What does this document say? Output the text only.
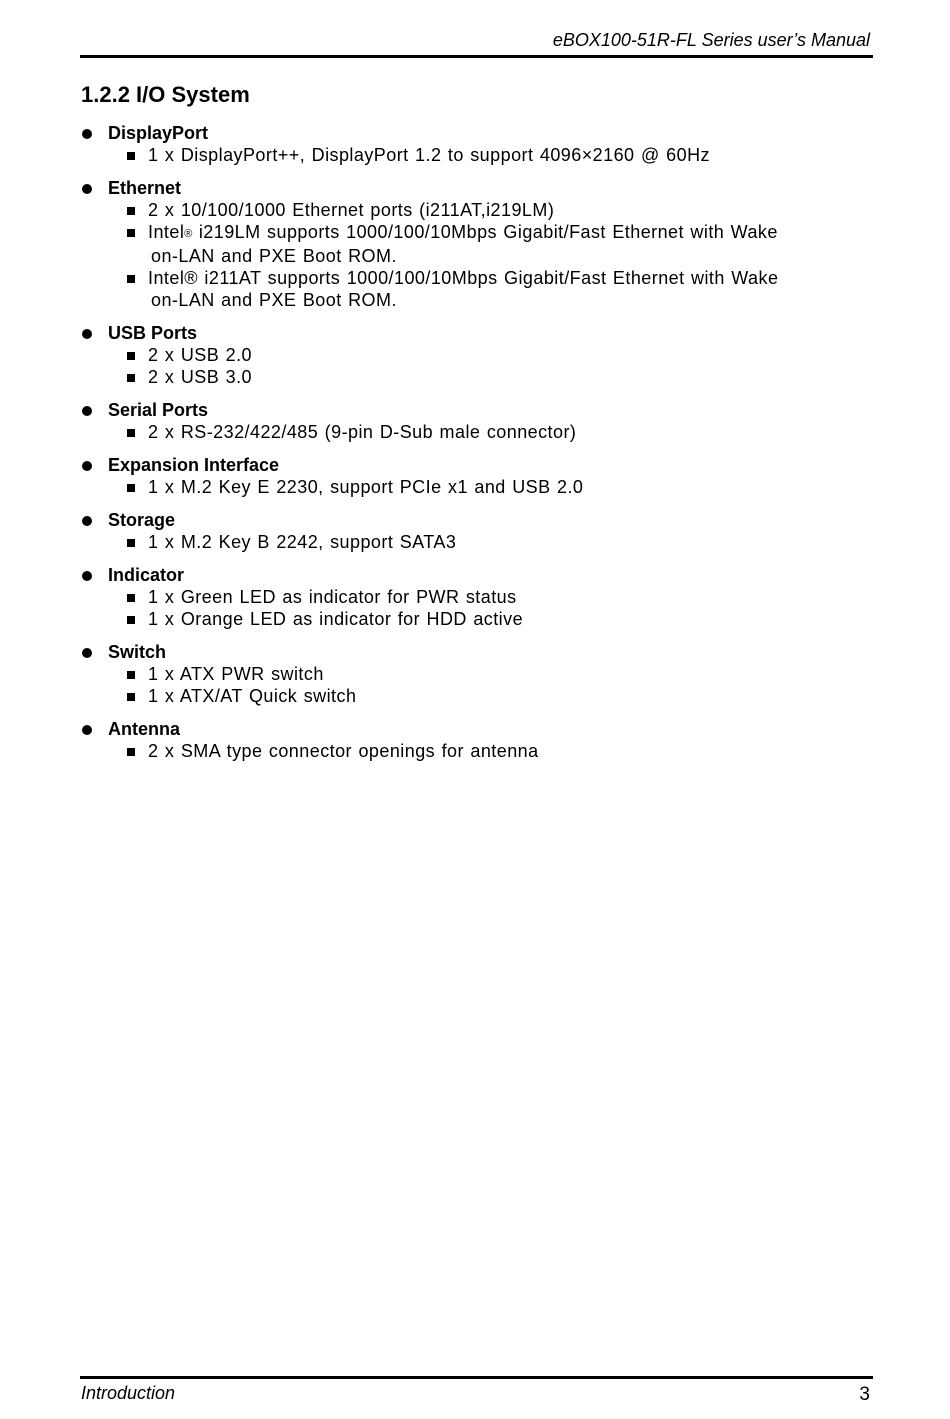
eBOX100-51R-FL Series user’s Manual
1.2.2 I/O System
DisplayPort
1 x DisplayPort++, DisplayPort 1.2 to support 4096×2160 @ 60Hz
Ethernet
2 x 10/100/1000 Ethernet ports (i211AT,i219LM)
Intel® i219LM supports 1000/100/10Mbps Gigabit/Fast Ethernet with Wake
on-LAN and PXE Boot ROM.
Intel® i211AT supports 1000/100/10Mbps Gigabit/Fast Ethernet with Wake
on-LAN and PXE Boot ROM.
USB Ports
2 x USB 2.0
2 x USB 3.0
Serial Ports
2 x RS-232/422/485 (9-pin D-Sub male connector)
Expansion Interface
1 x M.2 Key E 2230, support PCIe x1 and USB 2.0
Storage
1 x M.2 Key B 2242, support SATA3
Indicator
1 x Green LED as indicator for PWR status
1 x Orange LED as indicator for HDD active
Switch
1 x ATX PWR switch
1 x ATX/AT Quick switch
Antenna
2 x SMA type connector openings for antenna
Introduction	3
